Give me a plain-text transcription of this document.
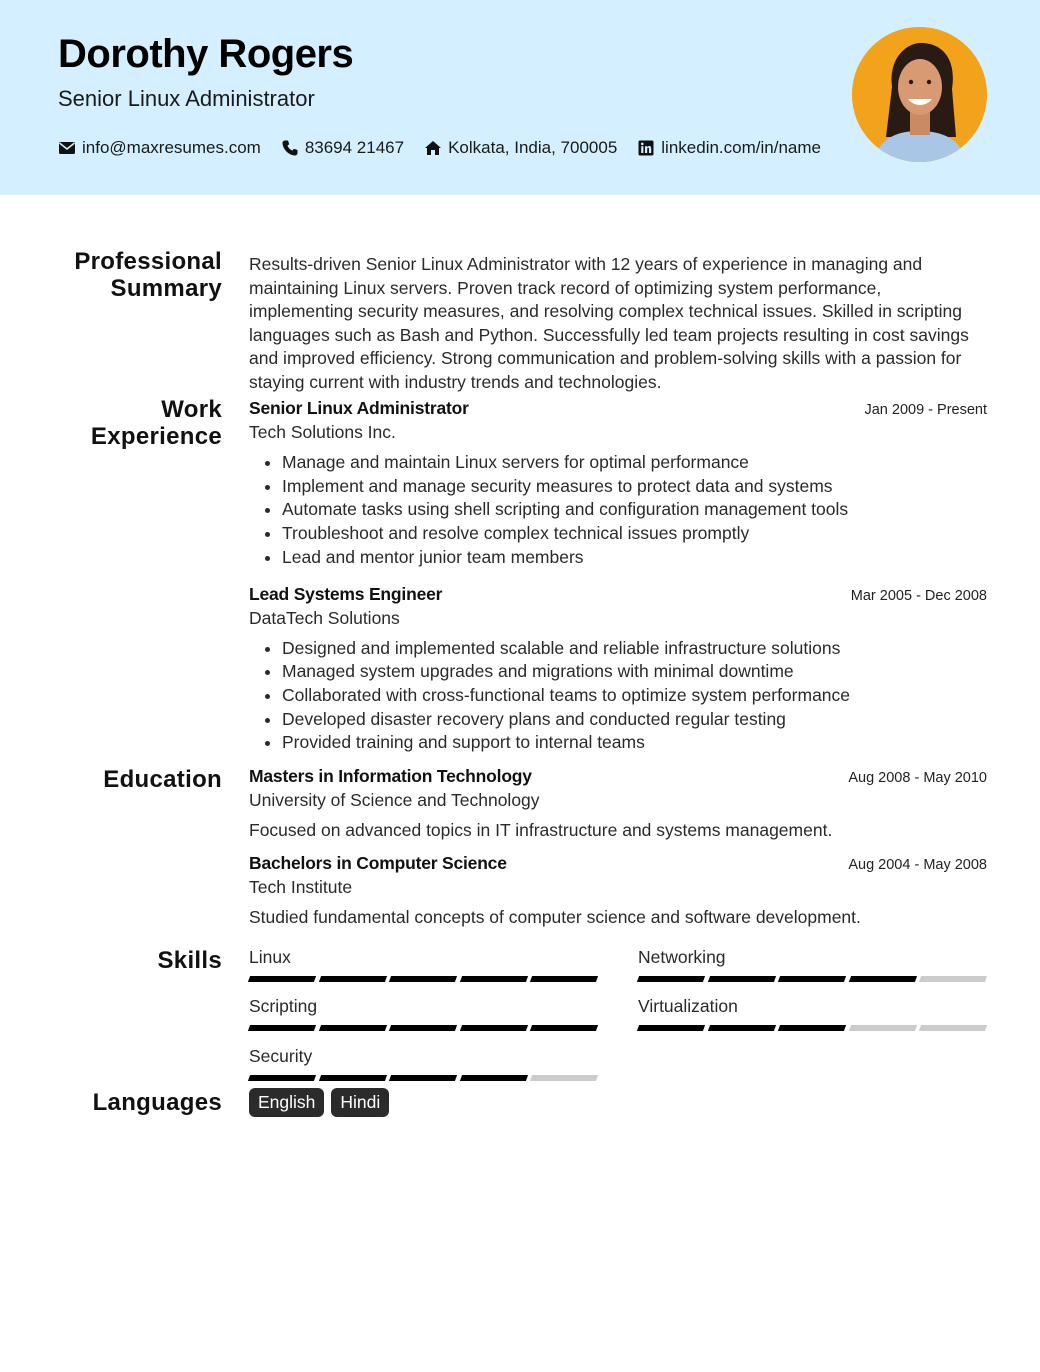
Dorothy Rogers
Senior Linux Administrator
info@maxresumes.com	83694 21467	Kolkata, India, 700005	linkedin.com/in/name
Professional
Summary

Results-driven Senior Linux Administrator with 12 years of experience in managing and maintaining Linux servers. Proven track record of optimizing system performance, implementing security measures, and resolving complex technical issues. Skilled in scripting languages such as Bash and Python. Successfully led team projects resulting in cost savings and improved efficiency. Strong communication and problem-solving skills with a passion for staying current with industry trends and technologies.

Work
Experience
Senior Linux Administrator	Jan 2009 - Present
Tech Solutions Inc.
• Manage and maintain Linux servers for optimal performance
• Implement and manage security measures to protect data and systems
• Automate tasks using shell scripting and configuration management tools
• Troubleshoot and resolve complex technical issues promptly
• Lead and mentor junior team members
Lead Systems Engineer	Mar 2005 - Dec 2008
DataTech Solutions
• Designed and implemented scalable and reliable infrastructure solutions
• Managed system upgrades and migrations with minimal downtime
• Collaborated with cross-functional teams to optimize system performance
• Developed disaster recovery plans and conducted regular testing
• Provided training and support to internal teams
Education Masters in Information Technology	Aug 2008 - May 2010
University of Science and Technology
Focused on advanced topics in IT infrastructure and systems management.
Bachelors in Computer Science	Aug 2004 - May 2008
Tech Institute
Studied fundamental concepts of computer science and software development.
Skills Linux	Networking
Scripting	Virtualization
Security
Languages	English	Hindi
